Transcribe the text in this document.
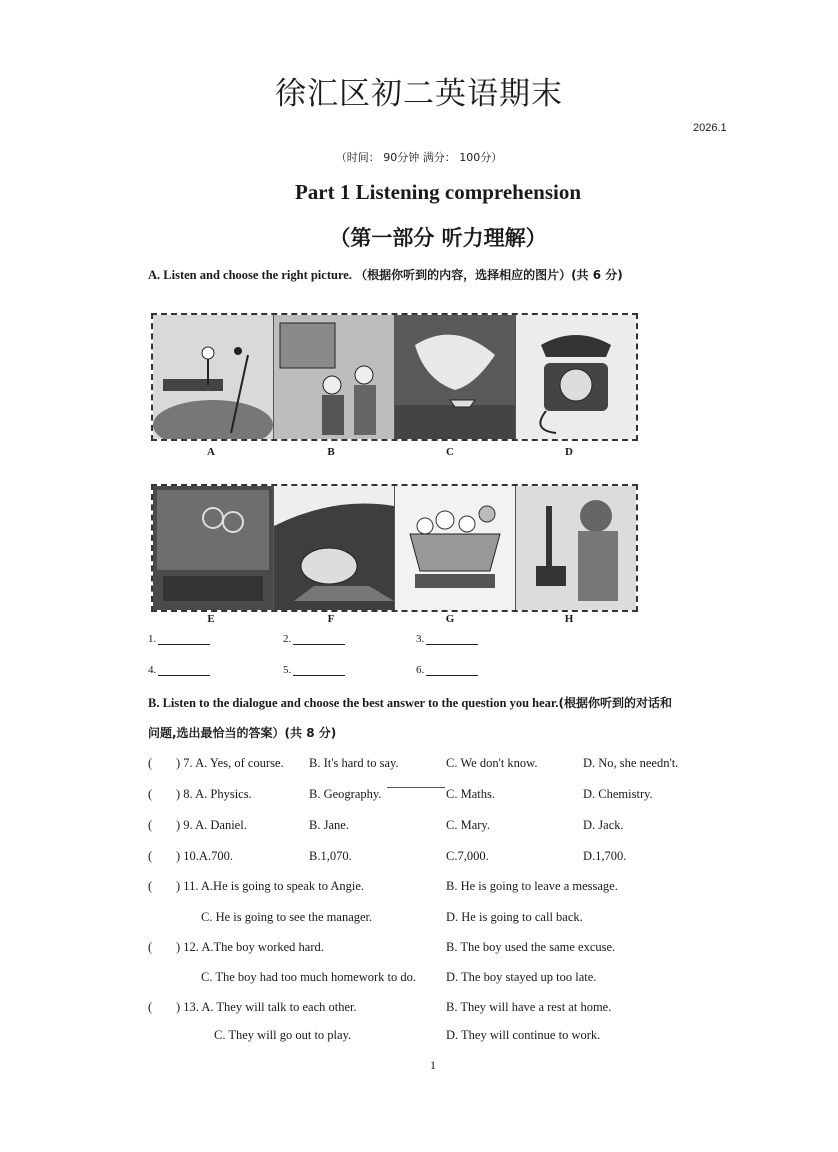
徐汇区初二英语期末
2026.1
（时间： 90分钟 满分： 100分）
Part 1 Listening comprehension
（第一部分 听力理解）
A. Listen and choose the right picture. （根据你听到的内容，选择相应的图片）(共 6 分)
A	B	C	D
E	F	G	H
1.	2.	3.
4.	5.	6.
B. Listen to the dialogue and choose the best answer to the question you hear.(根据你听到的对话和
问题,选出最恰当的答案）(共 8 分)
( ) 7. A. Yes, of course. B. It's hard to say.	C. We don't know.	D. No, she needn't.
( ) 8. A. Physics.	B. Geography.	C. Maths.	D. Chemistry.
( ) 9. A. Daniel.	B. Jane.	C. Mary.	D. Jack.
( ) 10.A.700.	B.1,070.	C.7,000.	D.1,700.
( ) 11. A.He is going to speak to Angie.	B. He is going to leave a message.
C. He is going to see the manager.	D. He is going to call back.
( ) 12. A.The boy worked hard.	B. The boy used the same excuse.
C. The boy had too much homework to do. D. The boy stayed up too late.
( ) 13. A. They will talk to each other.	B. They will have a rest at home.
C. They will go out to play.	D. They will continue to work.
1
